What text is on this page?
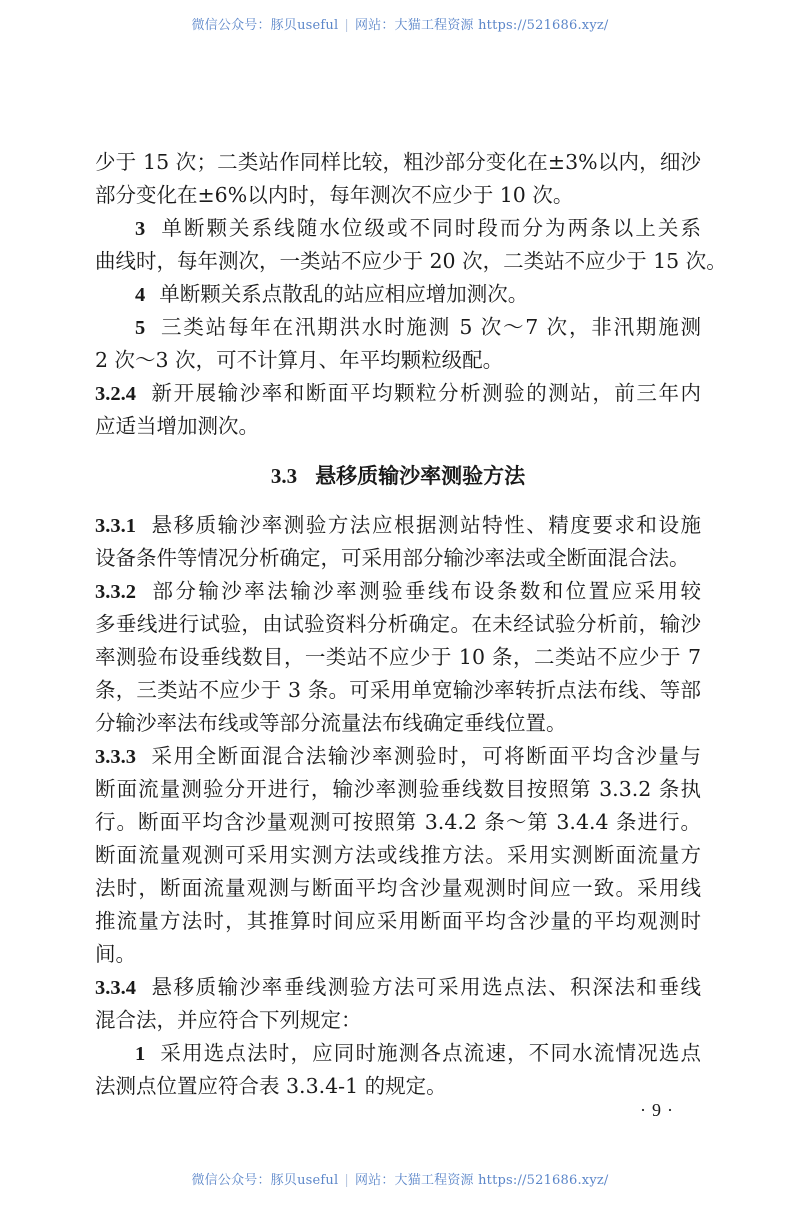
微信公众号：豚贝useful | 网站：大猫工程资源 https://521686.xyz/
少于 15 次；二类站作同样比较，粗沙部分变化在±3%以内，细沙
部分变化在±6%以内时，每年测次不应少于 10 次。
3 单断颗关系线随水位级或不同时段而分为两条以上关系
曲线时，每年测次，一类站不应少于 20 次，二类站不应少于 15 次。
4 单断颗关系点散乱的站应相应增加测次。
5 三类站每年在汛期洪水时施测 5 次～7 次，非汛期施测
2 次～3 次，可不计算月、年平均颗粒级配。
3.2.4 新开展输沙率和断面平均颗粒分析测验的测站，前三年内
应适当增加测次。
3.3 悬移质输沙率测验方法
3.3.1 悬移质输沙率测验方法应根据测站特性、精度要求和设施
设备条件等情况分析确定，可采用部分输沙率法或全断面混合法。
3.3.2 部分输沙率法输沙率测验垂线布设条数和位置应采用较
多垂线进行试验，由试验资料分析确定。在未经试验分析前，输沙
率测验布设垂线数目，一类站不应少于 10 条，二类站不应少于 7
条，三类站不应少于 3 条。可采用单宽输沙率转折点法布线、等部
分输沙率法布线或等部分流量法布线确定垂线位置。
3.3.3 采用全断面混合法输沙率测验时，可将断面平均含沙量与
断面流量测验分开进行，输沙率测验垂线数目按照第 3.3.2 条执
行。断面平均含沙量观测可按照第 3.4.2 条～第 3.4.4 条进行。
断面流量观测可采用实测方法或线推方法。采用实测断面流量方
法时，断面流量观测与断面平均含沙量观测时间应一致。采用线
推流量方法时，其推算时间应采用断面平均含沙量的平均观测时
间。
3.3.4 悬移质输沙率垂线测验方法可采用选点法、积深法和垂线
混合法，并应符合下列规定：
1 采用选点法时，应同时施测各点流速，不同水流情况选点
法测点位置应符合表 3.3.4-1 的规定。
·9·
微信公众号：豚贝useful | 网站：大猫工程资源 https://521686.xyz/
